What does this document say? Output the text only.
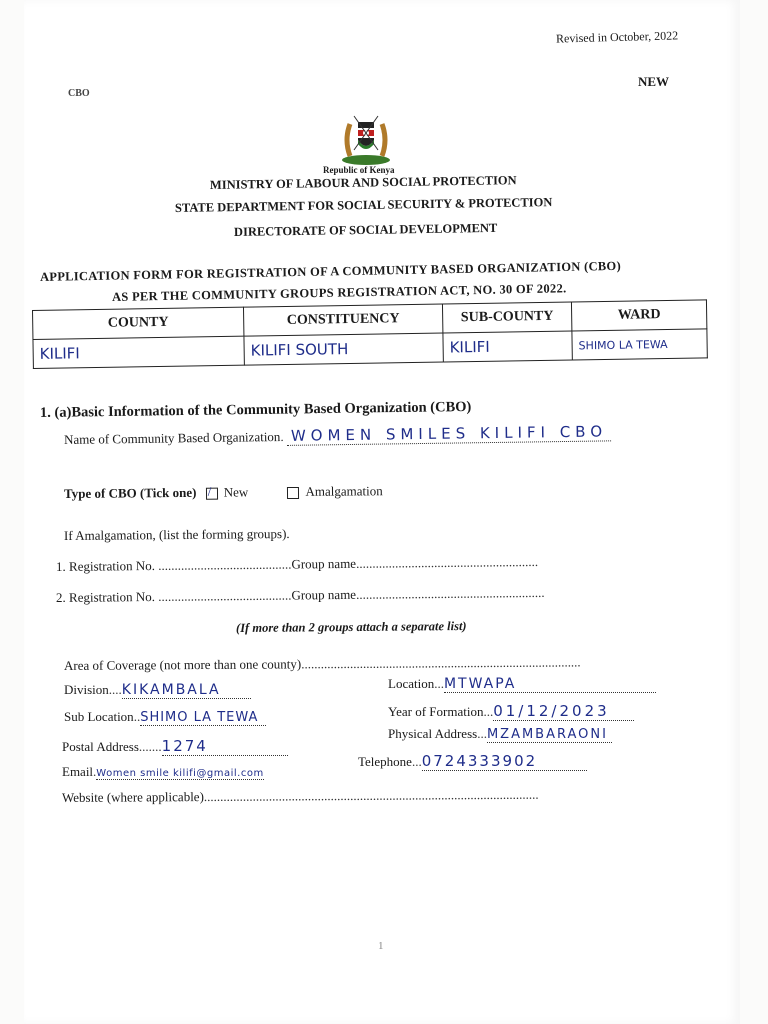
Revised in October, 2022
NEW
CBO
Republic of Kenya
MINISTRY OF LABOUR AND SOCIAL PROTECTION
STATE DEPARTMENT FOR SOCIAL SECURITY & PROTECTION
DIRECTORATE OF SOCIAL DEVELOPMENT
APPLICATION FORM FOR REGISTRATION OF A COMMUNITY BASED ORGANIZATION (CBO)
AS PER THE COMMUNITY GROUPS REGISTRATION ACT, NO. 30 OF 2022.
COUNTY	CONSTITUENCY	SUB-COUNTY	WARD
KILIFI	KILIFI SOUTH	KILIFI	SHIMO LA TEWA
1. (a)Basic Information of the Community Based Organization (CBO)
Name of Community Based Organization. WOMEN SMILES KILIFI CBO
Type of CBO (Tick one) / New	Amalgamation
If Amalgamation, (list the forming groups).
1. Registration No. .........................................Group name........................................................
2. Registration No. .........................................Group name..........................................................
(If more than 2 groups attach a separate list)
Area of Coverage (not more than one county)......................................................................................
Division....KIKAMBALA	Location...MTWAPA
Sub Location..SHIMO LA TEWA	Year of Formation...01/12/2023
Postal Address.......1274
Physical Address...MZAMBARAONI
Email.Women smile kilifi@gmail.com
Telephone...0724333902
Website (where applicable).......................................................................................................
1
